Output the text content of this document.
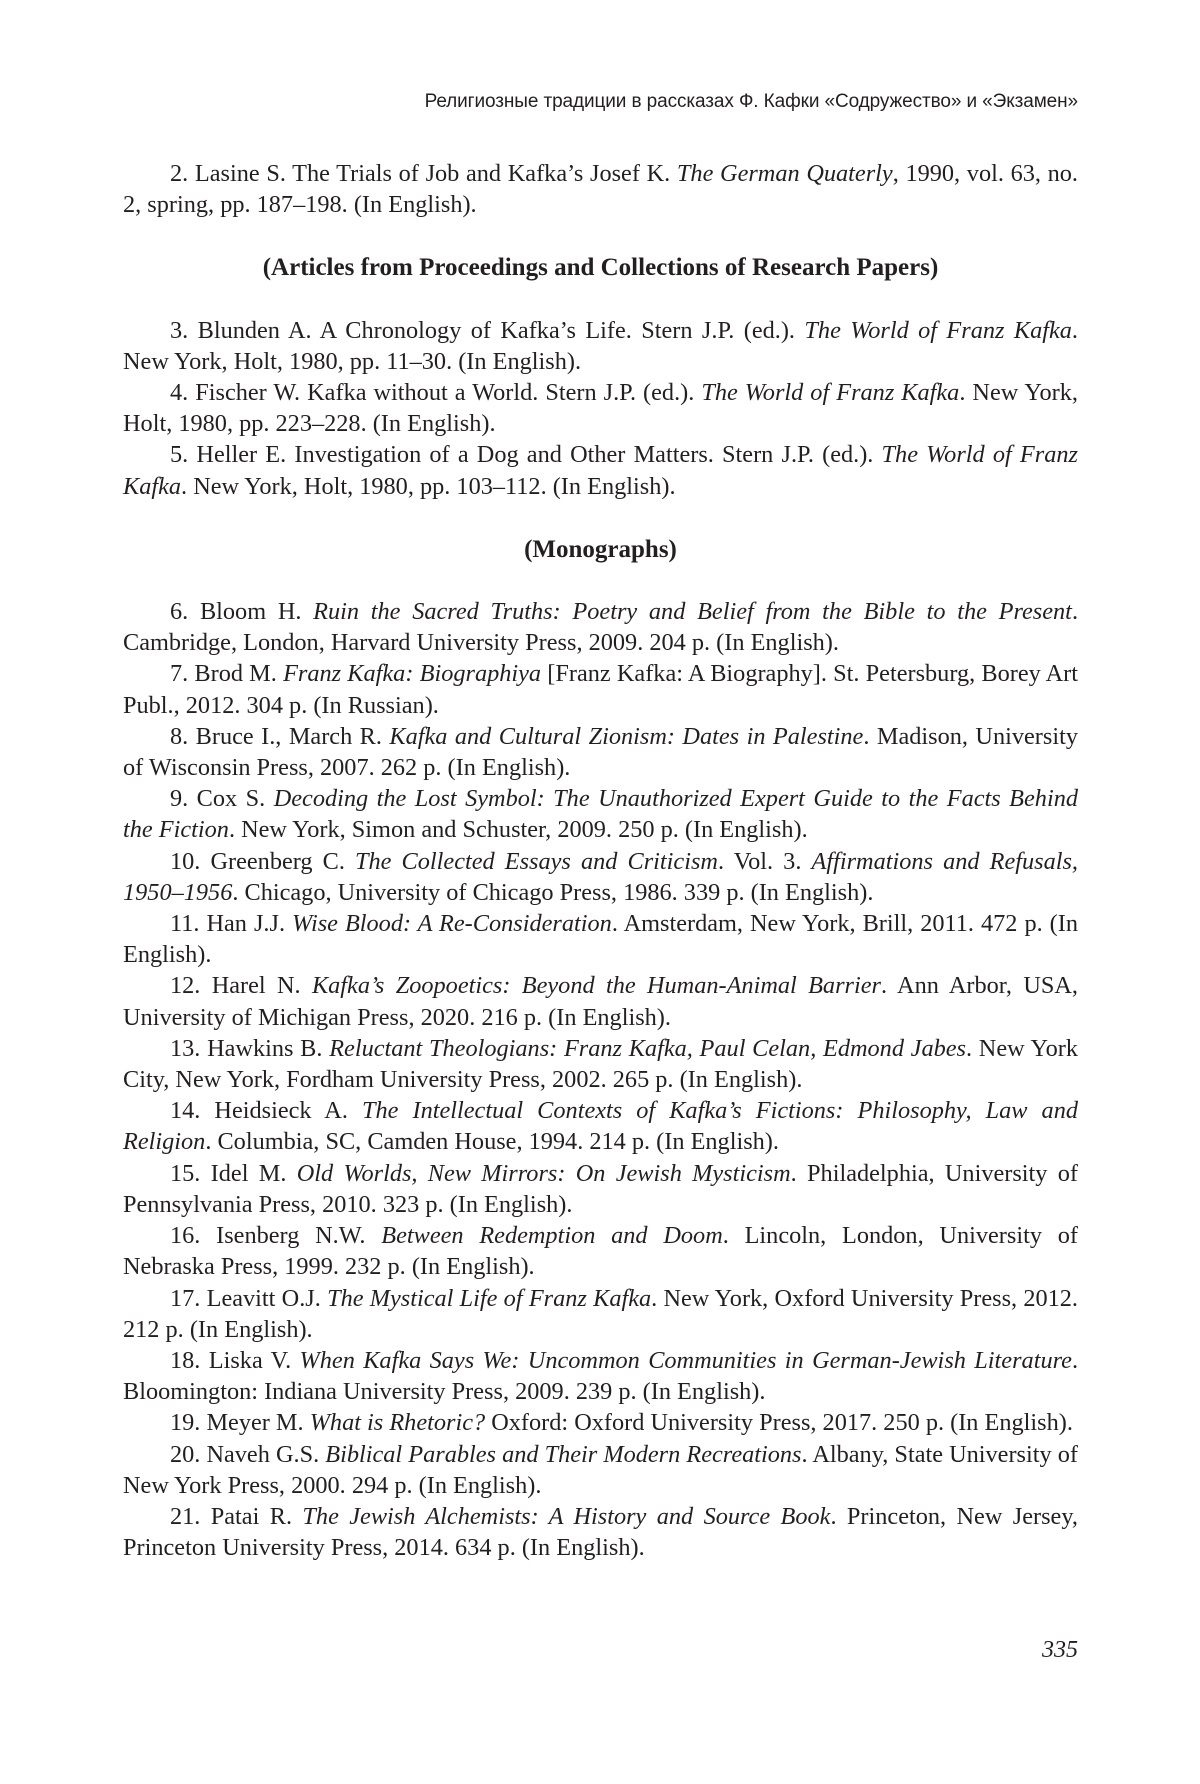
Религиозные традиции в рассказах Ф. Кафки «Содружество» и «Экзамен»

2. Lasine S. The Trials of Job and Kafka’s Josef K. The German Quaterly, 1990, vol. 63, no. 2, spring, pp. 187–198. (In English).

(Articles from Proceedings and Collections of Research Papers)

3. Blunden A. A Chronology of Kafka’s Life. Stern J.P. (ed.). The World of Franz Kafka. New York, Holt, 1980, pp. 11–30. (In English).

4. Fischer W. Kafka without a World. Stern J.P. (ed.). The World of Franz Kafka. New York, Holt, 1980, pp. 223–228. (In English).

5. Heller E. Investigation of a Dog and Other Matters. Stern J.P. (ed.). The World of Franz Kafka. New York, Holt, 1980, pp. 103–112. (In English).

(Monographs)

6. Bloom H. Ruin the Sacred Truths: Poetry and Belief from the Bible to the Present. Cambridge, London, Harvard University Press, 2009. 204 p. (In English).

7. Brod M. Franz Kafka: Biographiya [Franz Kafka: A Biography]. St. Petersburg, Borey Art Publ., 2012. 304 p. (In Russian).

8. Bruce I., March R. Kafka and Cultural Zionism: Dates in Palestine. Madison, University of Wisconsin Press, 2007. 262 p. (In English).

9. Cox S. Decoding the Lost Symbol: The Unauthorized Expert Guide to the Facts Behind the Fiction. New York, Simon and Schuster, 2009. 250 p. (In English).

10. Greenberg C. The Collected Essays and Criticism. Vol. 3. Affirmations and Refusals, 1950–1956. Chicago, University of Chicago Press, 1986. 339 p. (In English).

11. Han J.J. Wise Blood: A Re-Consideration. Amsterdam, New York, Brill, 2011. 472 p. (In English).

12. Harel N. Kafka’s Zoopoetics: Beyond the Human-Animal Barrier. Ann Arbor, USA, University of Michigan Press, 2020. 216 p. (In English).

13. Hawkins B. Reluctant Theologians: Franz Kafka, Paul Celan, Edmond Jabes. New York City, New York, Fordham University Press, 2002. 265 p. (In English).

14. Heidsieck A. The Intellectual Contexts of Kafka’s Fictions: Philosophy, Law and Religion. Columbia, SC, Camden House, 1994. 214 p. (In English).

15. Idel M. Old Worlds, New Mirrors: On Jewish Mysticism. Philadelphia, University of Pennsylvania Press, 2010. 323 p. (In English).

16. Isenberg N.W. Between Redemption and Doom. Lincoln, London, University of Nebraska Press, 1999. 232 p. (In English).

17. Leavitt O.J. The Mystical Life of Franz Kafka. New York, Oxford University Press, 2012. 212 p. (In English).

18. Liska V. When Kafka Says We: Uncommon Communities in German-Jewish Literature. Bloomington: Indiana University Press, 2009. 239 p. (In English).

19. Meyer M. What is Rhetoric? Oxford: Oxford University Press, 2017. 250 p. (In English).

20. Naveh G.S. Biblical Parables and Their Modern Recreations. Albany, State University of New York Press, 2000. 294 p. (In English).

21. Patai R. The Jewish Alchemists: A History and Source Book. Princeton, New Jersey, Princeton University Press, 2014. 634 p. (In English).

335
